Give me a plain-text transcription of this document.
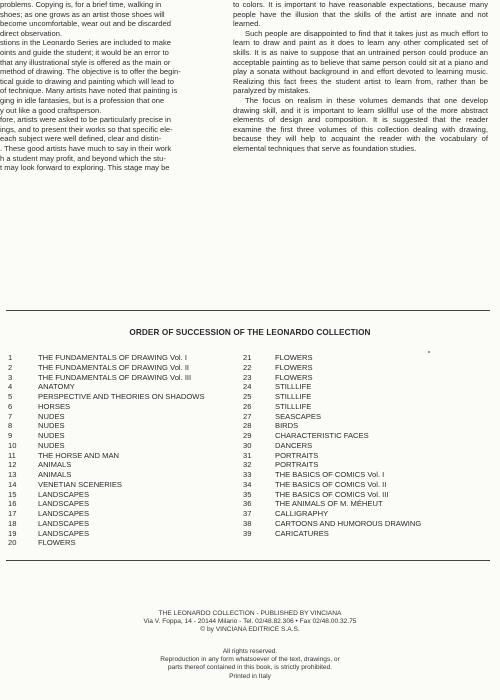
problems. Copying is, for a brief time, walking in

shoes; as one grows as an artist those shoes will

become uncomfortable, wear out and be discarded

direct observation.

stions in the Leonardo Series are included to make

oints and guide the student; it would be an error to

that any illustrational style is offered as the main or

method of drawing. The objective is to offer the begin-

tical guide to drawing and painting which will lead to

of technique. Many artists have noted that painting is

ging in idle fantasies, but is a profession that one

y out like a good craftsperson.

fore, artists were asked to be particularly precise in

ings, and to present their works so that specific ele-

each subject were well defined, clear and distin-

. These good artists have much to say in their work

h a student may profit, and beyond which the stu-

t may look forward to exploring. This stage may be

to colors. It is important to have reasonable expectations, because many people have the illusion that the skills of the artist are innate and not learned.

Such people are disappointed to find that it takes just as much effort to learn to draw and paint as it does to learn any other complicated set of skills. It is as naive to suppose that an untrained person could produce an acceptable painting as to believe that same person could sit at a piano and play a sonata without background in and effort devoted to learning music. Realizing this fact frees the student artist to learn from, rather than be paralyzed by mistakes.

The focus on realism in these volumes demands that one develop drawing skill, and it is important to learn skillful use of the more abstract elements of design and composition. It is suggested that the reader examine the first three volumes of this collection dealing with drawing, because they will help to acquaint the reader with the vocabulary of elemental techniques that serve as foundation studies.

ORDER OF SUCCESSION OF THE LEONARDO COLLECTION
1	THE FUNDAMENTALS OF DRAWING Vol. I
2	THE FUNDAMENTALS OF DRAWING Vol. II
3	THE FUNDAMENTALS OF DRAWING Vol. III
4	ANATOMY
5	PERSPECTIVE AND THEORIES ON SHADOWS
6	HORSES
7	NUDES
8	NUDES
9	NUDES
10	NUDES
11	THE HORSE AND MAN
12	ANIMALS
13	ANIMALS
14	VENETIAN SCENERIES
15	LANDSCAPES
16	LANDSCAPES
17	LANDSCAPES
18	LANDSCAPES
19	LANDSCAPES
20	FLOWERS
21	FLOWERS
22	FLOWERS
23	FLOWERS
24	STILLLIFE
25	STILLLIFE
26	STILLLIFE
27	SEASCAPES
28	BIRDS
29	CHARACTERISTIC FACES
30	DANCERS
31	PORTRAITS
32	PORTRAITS
33	THE BASICS OF COMICS Vol. I
34	THE BASICS OF COMICS Vol. II
35	THE BASICS OF COMICS Vol. III
36	THE ANIMALS OF M. MÉHEUT
37	CALLIGRAPHY
38	CARTOONS AND HUMOROUS DRAWING
39	CARICATURES
THE LEONARDO COLLECTION - PUBLISHED BY VINCIANA
Via V. Foppa, 14 - 20144 Milano - Tel. 02/48.82.306 • Fax 02/48.00.32.75
© by VINCIANA EDITRICE S.A.S.
All rights reserved.
Reproduction in any form whatsoever of the text, drawings, or
parts thereof contained in this book, is strictly prohibited.
Printed in Italy
